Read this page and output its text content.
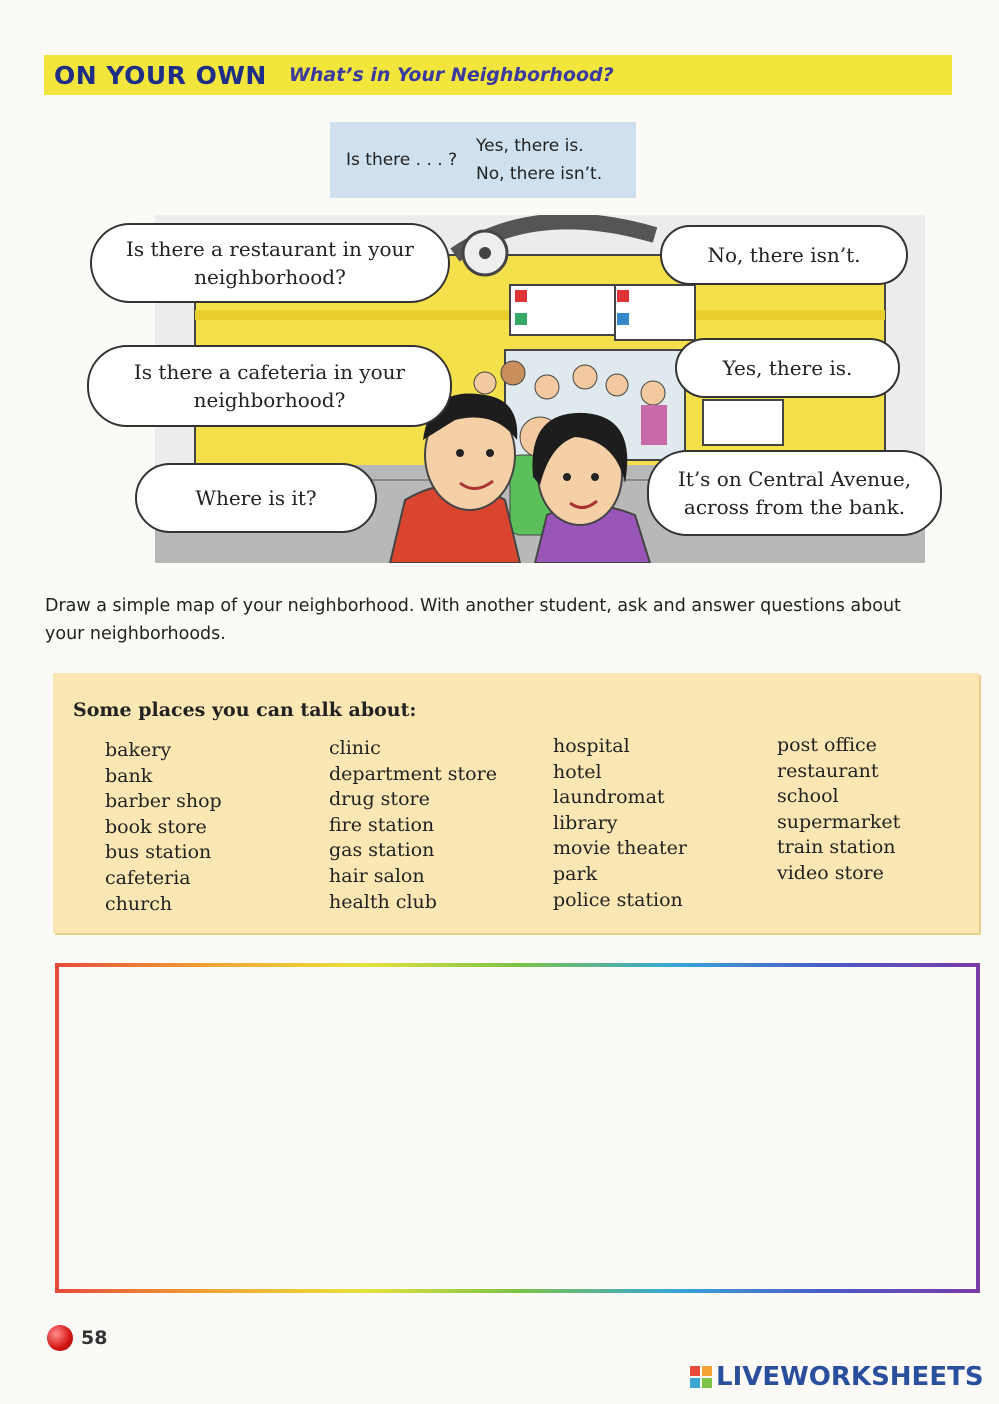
ON YOUR OWN What’s in Your Neighborhood?
Is there . . . ?
Yes, there is.
No, there isn’t.
Is there a restaurant in your neighborhood?
No, there isn’t.
Is there a cafeteria in your neighborhood?
Yes, there is.
Where is it?
It’s on Central Avenue, across from the bank.
Draw a simple map of your neighborhood. With another student, ask and answer questions about your neighborhoods.
Some places you can talk about:
bakery
bank
barber shop
book store
bus station
cafeteria
church
clinic
department store
drug store
fire station
gas station
hair salon
health club
hospital
hotel
laundromat
library
movie theater
park
police station
post office
restaurant
school
supermarket
train station
video store
58
LIVEWORKSHEETS
